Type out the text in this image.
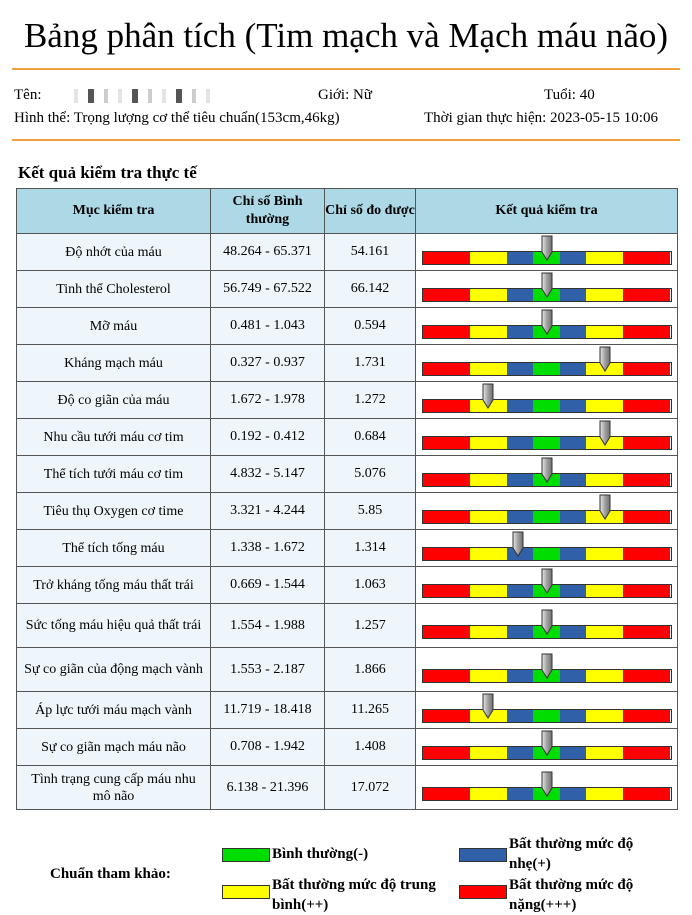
Bảng phân tích (Tim mạch và Mạch máu não)
Tên:	Giới: Nữ	Tuổi: 40
Hình thể: Trọng lượng cơ thể tiêu chuẩn(153cm,46kg)	Thời gian thực hiện: 2023-05-15 10:06
Kết quả kiểm tra thực tế
Mục kiểm tra	Chỉ số Bình thường	Chỉ số đo được	Kết quả kiểm tra
Độ nhớt của máu	48.264 - 65.371	54.161	

Tinh thể Cholesterol	56.749 - 67.522	66.142	

Mỡ máu	0.481 - 1.043	0.594	

Kháng mạch máu	0.327 - 0.937	1.731	

Độ co giãn của máu	1.672 - 1.978	1.272	

Nhu cầu tưới máu cơ tim	0.192 - 0.412	0.684	

Thể tích tưới máu cơ tim	4.832 - 5.147	5.076	

Tiêu thụ Oxygen cơ time	3.321 - 4.244	5.85	

Thể tích tống máu	1.338 - 1.672	1.314	

Trở kháng tống máu thất trái	0.669 - 1.544	1.063	

Sức tống máu hiệu quả thất trái	1.554 - 1.988	1.257	

Sự co giãn của động mạch vành	1.553 - 2.187	1.866	

Áp lực tưới máu mạch vành	11.719 - 18.418	11.265	

Sự co giãn mạch máu não	0.708 - 1.942	1.408	

Tình trạng cung cấp máu nhu mô não	6.138 - 21.396	17.072	
Chuẩn tham khảo:
Bình thường(-)
Bất thường mức độ nhẹ(+)
Bất thường mức độ trung bình(++)
Bất thường mức độ nặng(+++)
